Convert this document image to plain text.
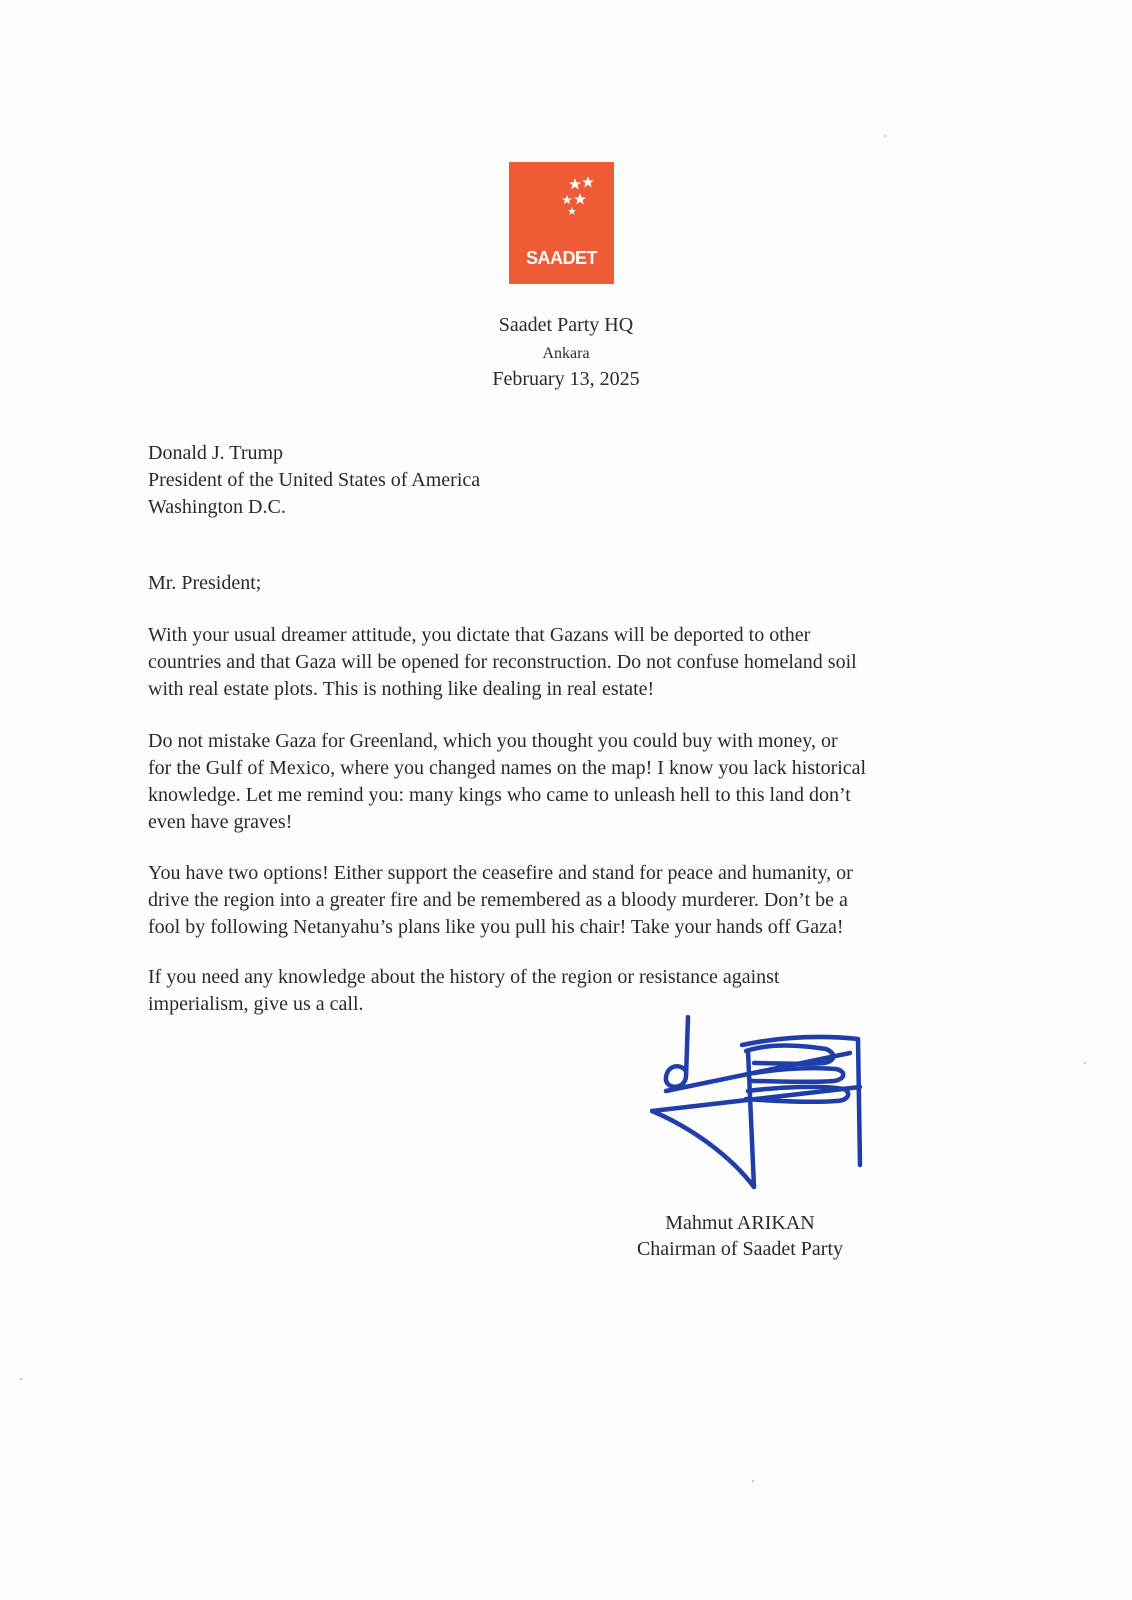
SAADET
Saadet Party HQ
Ankara
February 13, 2025
Donald J. Trump
President of the United States of America
Washington D.C.
Mr. President;
With your usual dreamer attitude, you dictate that Gazans will be deported to other
countries and that Gaza will be opened for reconstruction. Do not confuse homeland soil
with real estate plots. This is nothing like dealing in real estate!
Do not mistake Gaza for Greenland, which you thought you could buy with money, or
for the Gulf of Mexico, where you changed names on the map! I know you lack historical
knowledge. Let me remind you: many kings who came to unleash hell to this land don’t
even have graves!
You have two options! Either support the ceasefire and stand for peace and humanity, or
drive the region into a greater fire and be remembered as a bloody murderer. Don’t be a
fool by following Netanyahu’s plans like you pull his chair! Take your hands off Gaza!
If you need any knowledge about the history of the region or resistance against
imperialism, give us a call.
Mahmut ARIKAN
Chairman of Saadet Party
